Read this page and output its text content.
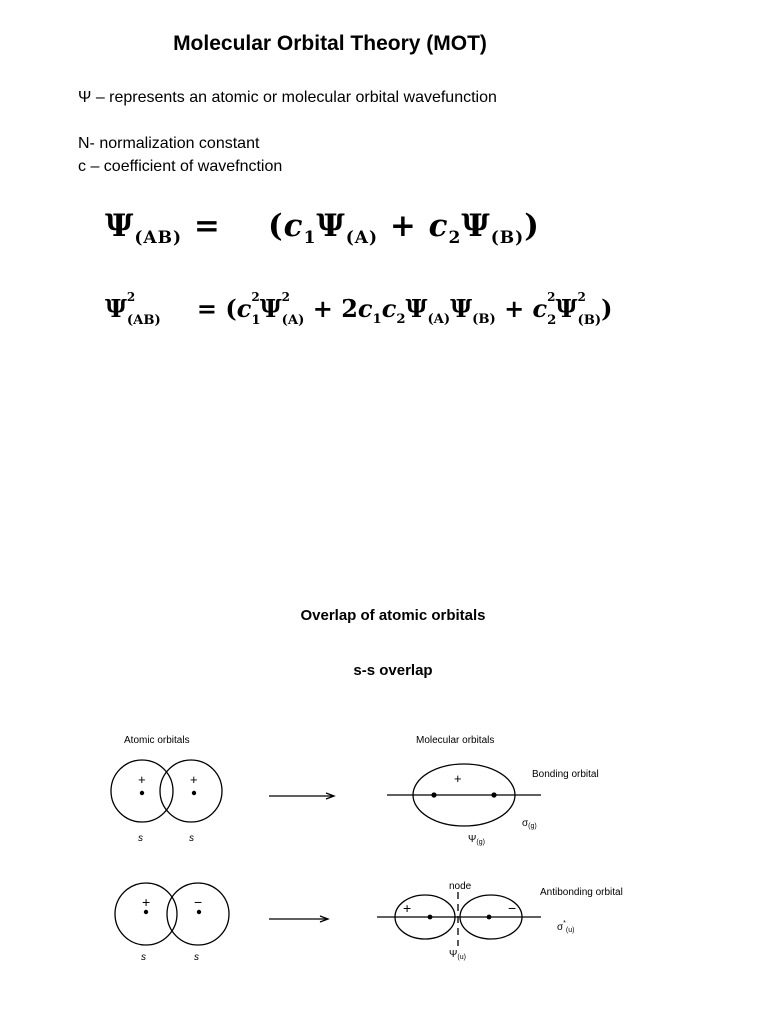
Molecular Orbital Theory (MOT)
Ψ – represents an atomic or molecular orbital wavefunction
N- normalization constant
c – coefficient of wavefnction
$\Psi_{(AB)} = (c_1\Psi_{(A)} + c_2\Psi_{(B)})$
Ψ 2
(AB) = (c 2
1 Ψ 2
$(A) + 2c_1c_2\Psi_{(A)}\Psi_{(B)} + c$ 2
2 Ψ 2
(B) )
Overlap of atomic orbitals
s-s overlap
Atomic orbitals	Molecular orbitals
+	+
s	s
+	Bonding orbital
$\sigma_{(g)}$
$\Psi_{(g)}$
+	−
s	s
node
+	−
Antibonding orbital
$\sigma^*_{(u)}$
$\Psi_{(u)}$
